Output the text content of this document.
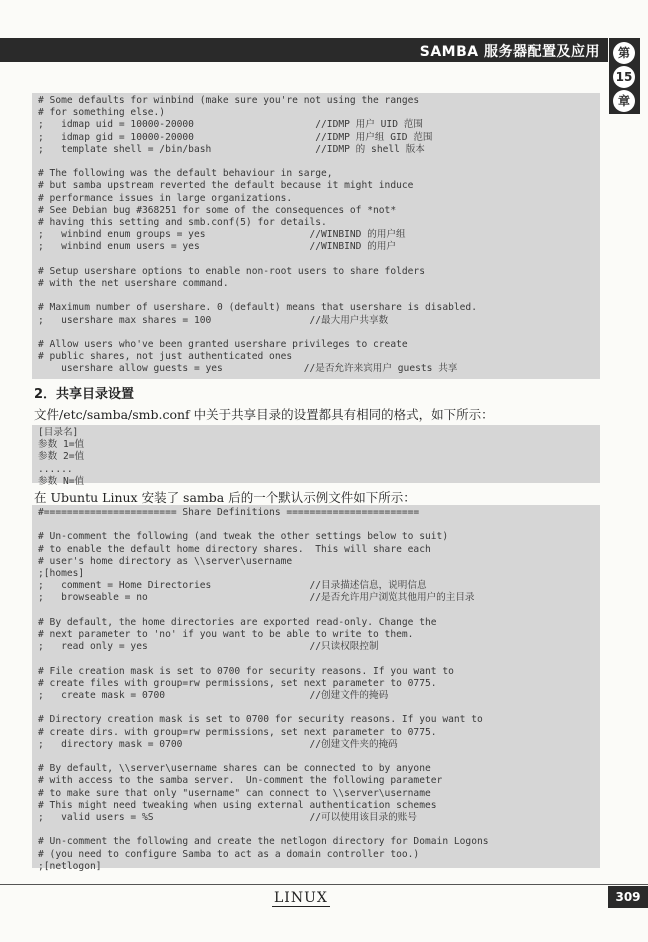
SAMBA 服务器配置及应用	第
15
章
# Some defaults for winbind (make sure you're not using the ranges
# for something else.)
;   idmap uid = 10000-20000                     //IDMP 用户 UID 范围
;   idmap gid = 10000-20000                     //IDMP 用户组 GID 范围
;   template shell = /bin/bash                  //IDMP 的 shell 版本

# The following was the default behaviour in sarge,
# but samba upstream reverted the default because it might induce
# performance issues in large organizations.
# See Debian bug #368251 for some of the consequences of *not*
# having this setting and smb.conf(5) for details.
;   winbind enum groups = yes                  //WINBIND 的用户组
;   winbind enum users = yes                   //WINBIND 的用户

# Setup usershare options to enable non-root users to share folders
# with the net usershare command.

# Maximum number of usershare. 0 (default) means that usershare is disabled.
;   usershare max shares = 100                 //最大用户共享数

# Allow users who've been granted usershare privileges to create
# public shares, not just authenticated ones
usershare allow guests = yes              //是否允许来宾用户 guests 共享
2．共享目录设置
文件/etc/samba/smb.conf 中关于共享目录的设置都具有相同的格式，如下所示：
[目录名]
参数 1=值
参数 2=值
......
参数 N=值
在 Ubuntu Linux 安装了 samba 后的一个默认示例文件如下所示：
#======================= Share Definitions =======================

# Un-comment the following (and tweak the other settings below to suit)
# to enable the default home directory shares.  This will share each
# user's home directory as \\server\username
;[homes]
;   comment = Home Directories                 //目录描述信息，说明信息
;   browseable = no                            //是否允许用户浏览其他用户的主目录

# By default, the home directories are exported read-only. Change the
# next parameter to 'no' if you want to be able to write to them.
;   read only = yes                            //只读权限控制

# File creation mask is set to 0700 for security reasons. If you want to
# create files with group=rw permissions, set next parameter to 0775.
;   create mask = 0700                         //创建文件的掩码

# Directory creation mask is set to 0700 for security reasons. If you want to
# create dirs. with group=rw permissions, set next parameter to 0775.
;   directory mask = 0700                      //创建文件夹的掩码

# By default, \\server\username shares can be connected to by anyone
# with access to the samba server.  Un-comment the following parameter
# to make sure that only "username" can connect to \\server\username
# This might need tweaking when using external authentication schemes
;   valid users = %S                           //可以使用该目录的账号

# Un-comment the following and create the netlogon directory for Domain Logons
# (you need to configure Samba to act as a domain controller too.)
;[netlogon]
LINUX	309
